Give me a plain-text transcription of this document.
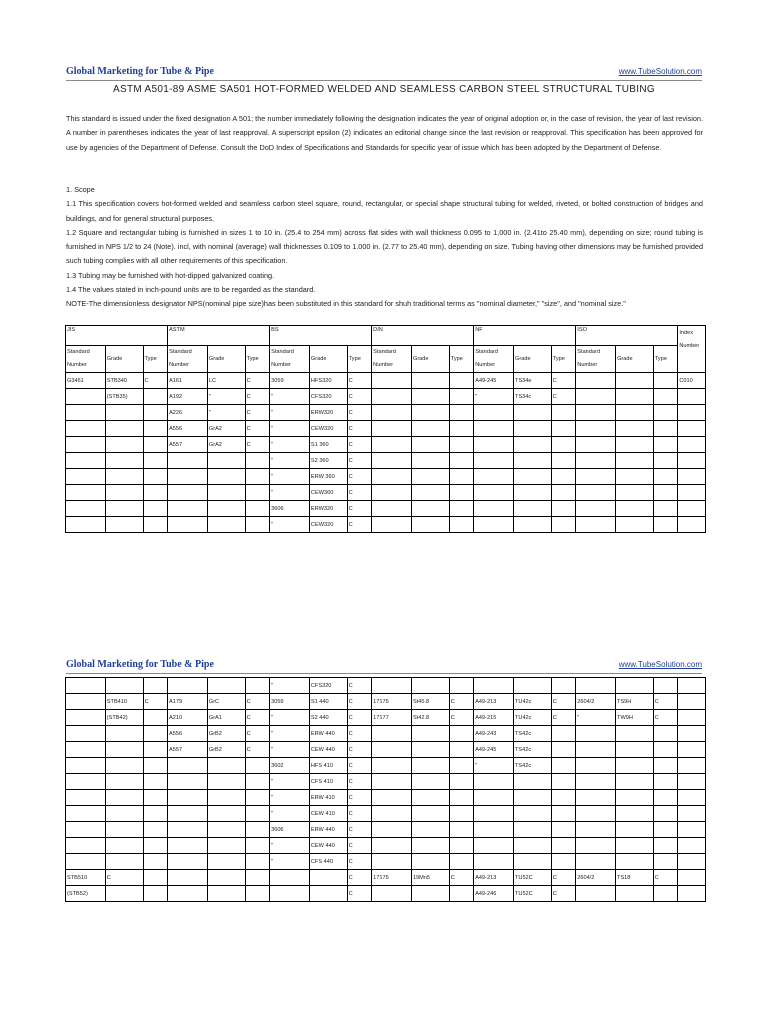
Global Marketing for Tube & Pipe	www.TubeSolution.com
ASTM A501-89 ASME SA501 HOT-FORMED WELDED AND SEAMLESS CARBON STEEL STRUCTURAL TUBING

This standard is issued under the fixed designation A 501; the number immediately following the designation indicates the year of original adoption or, in the case of revision, the year of last revision. A number in parentheses indicates the year of last reapproval. A superscript epsilon (2) indicates an editorial change since the last revision or reapproval. This specification has been approved for use by agencies of the Department of Defense. Consult the DoD Index of Specifications and Standards for specific year of issue which has been adopted by the Department of Defense.

1. Scope

1.1 This specification covers hot-formed welded and seamless carbon steel square, round, rectangular, or special shape structural tubing for welded, riveted, or bolted construction of bridges and buildings, and for general structural purposes.

1.2 Square and rectangular tubing is furnished in sizes 1 to 10 in. (25.4 to 254 mm) across flat sides with wall thickness 0.095 to 1,000 in. (2.41to 25.40 mm), depending on size; round tubing is furnished in NPS 1/2 to 24 (Note). incl, with nominal (average) wall thicknesses 0.109 to 1.000 in. (2.77 to 25.40 mm), depending on size. Tubing having other dimensions may be furnished provided such tubing complies with all other requirements of this specification.

1.3 Tubing may be furnished with hot-dipped galvanized coating.

1.4 The values stated in inch-pound units are to be regarded as the standard.

NOTE-The dimensionless designator NPS(nominal pipe size)has been substituted in this standard for shuh traditional terms as "nominal diameter," "size", and "nominal size."

JIS			ASTM			BS			DIN			NF			ISO			Index Number
Standard Number	Grade	Type	Standard Number	Grade	Type	Standard Number	Grade	Type	Standard Number	Grade	Type	Standard Number	Grade	Type	Standard Number	Grade	Type	
G3461	STB340	C	A161	LC	C	3059	HFS320	C				A49-245	TS34e	C				C010
	(STB35)		A192	"	C	"	CFS320	C				"	TS34c	C				
			A226	"	C	"	ERW320	C										
			A556	GrA2	C	"	CEW320	C										
			A557	GrA2	C	"	S1 360	C										
						"	S2 360	C										
						"	ERW 360	C										
						"	CEW360	C										
						3606	ERW320	C										
						"	CEW320	C										
Global Marketing for Tube & Pipe	www.TubeSolution.com
						"	CFS320	C										
	STB410	C	A179	GrC	C	3059	S1 440	C	17175	St45.8	C	A49-213	TU42c	C	2604/2	TS9H	C	
	(STB42)		A210	GrA1	C	"	S2 440	C	17177	St42.8	C	A49-215	TU42c	C	"	TW9H	C	
			A556	GrB2	C	"	ERW 440	C				A49-243	TS42c					
			A557	GrB2	C	"	CEW 440	C				A49-245	TS42c					
						3602	HFS 410	C				"	TS42c					
						"	CFS 410	C										
						"	ERW 410	C										
						"	CEW 410	C										
						3606	ERW 440	C										
						"	CEW 440	C										
						"	CFS 440	C										
STB510	C							C	17175	19Mn5	C	A49-213	TU52C	C	2604/2	TS18	C	
(STB52)								C				A49-246	TU52C	C				
